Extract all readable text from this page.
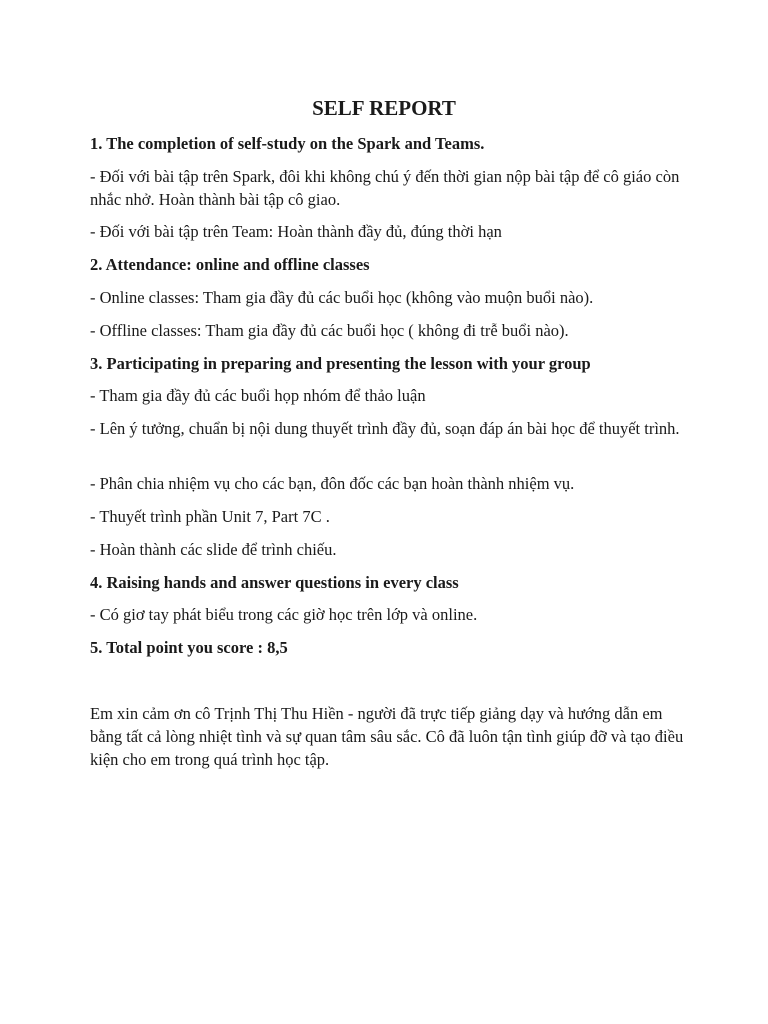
SELF REPORT

1. The completion of self-study on the Spark and Teams.

- Đối với bài tập trên Spark, đôi khi không chú ý đến thời gian nộp bài tập để cô giáo còn nhắc nhở. Hoàn thành bài tập cô giao.

- Đối với bài tập trên Team: Hoàn thành đầy đủ, đúng thời hạn

2. Attendance: online and offline classes

- Online classes: Tham gia đầy đủ các buổi học (không vào muộn buổi nào).

- Offline classes: Tham gia đầy đủ các buổi học ( không đi trễ buổi nào).

3. Participating in preparing and presenting the lesson with your group

- Tham gia đầy đủ các buổi họp nhóm để thảo luận

- Lên ý tưởng, chuẩn bị nội dung thuyết trình đầy đủ, soạn đáp án bài học để thuyết trình.

- Phân chia nhiệm vụ cho các bạn, đôn đốc các bạn hoàn thành nhiệm vụ.

- Thuyết trình phần Unit 7, Part 7C .

- Hoàn thành các slide để trình chiếu.

4. Raising hands and answer questions in every class

- Có giơ tay phát biểu trong các giờ học trên lớp và online.

5. Total point you score : 8,5

Em xin cảm ơn cô Trịnh Thị Thu Hiền - người đã trực tiếp giảng dạy và hướng dẫn em bằng tất cả lòng nhiệt tình và sự quan tâm sâu sắc. Cô đã luôn tận tình giúp đỡ và tạo điều kiện cho em trong quá trình học tập.
